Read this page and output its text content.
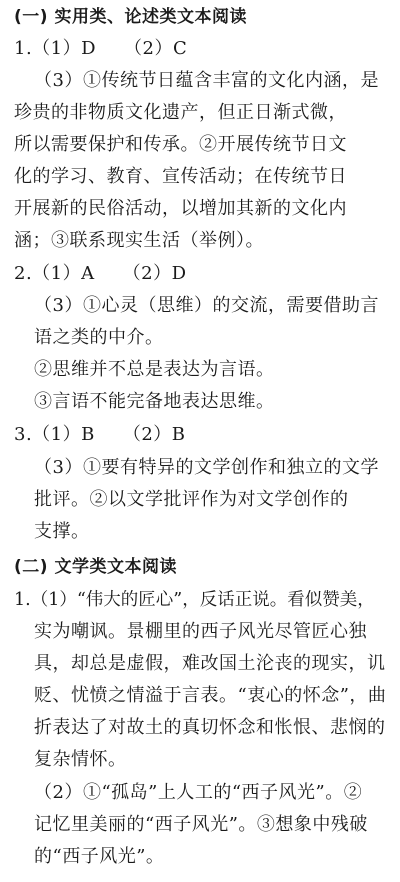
(一) 实用类、论述类文本阅读
1.（1）D　　（2）C
（3）①传统节日蕴含丰富的文化内涵，是
珍贵的非物质文化遗产，但正日渐式微，
所以需要保护和传承。②开展传统节日文
化的学习、教育、宣传活动；在传统节日
开展新的民俗活动，以增加其新的文化内
涵；③联系现实生活（举例）。
2.（1）A　　（2）D
（3）①心灵（思维）的交流，需要借助言
语之类的中介。
②思维并不总是表达为言语。
③言语不能完备地表达思维。
3.（1）B　　（2）B
（3）①要有特异的文学创作和独立的文学
批评。②以文学批评作为对文学创作的
支撑。
(二) 文学类文本阅读
1.（1）“伟大的匠心”，反话正说。看似赞美，
实为嘲讽。景棚里的西子风光尽管匠心独
具，却总是虚假，难改国土沦丧的现实，讥
贬、忧愤之情溢于言表。“衷心的怀念”，曲
折表达了对故土的真切怀念和怅恨、悲悯的
复杂情怀。
（2）①“孤岛”上人工的“西子风光”。②
记忆里美丽的“西子风光”。③想象中残破
的“西子风光”。
